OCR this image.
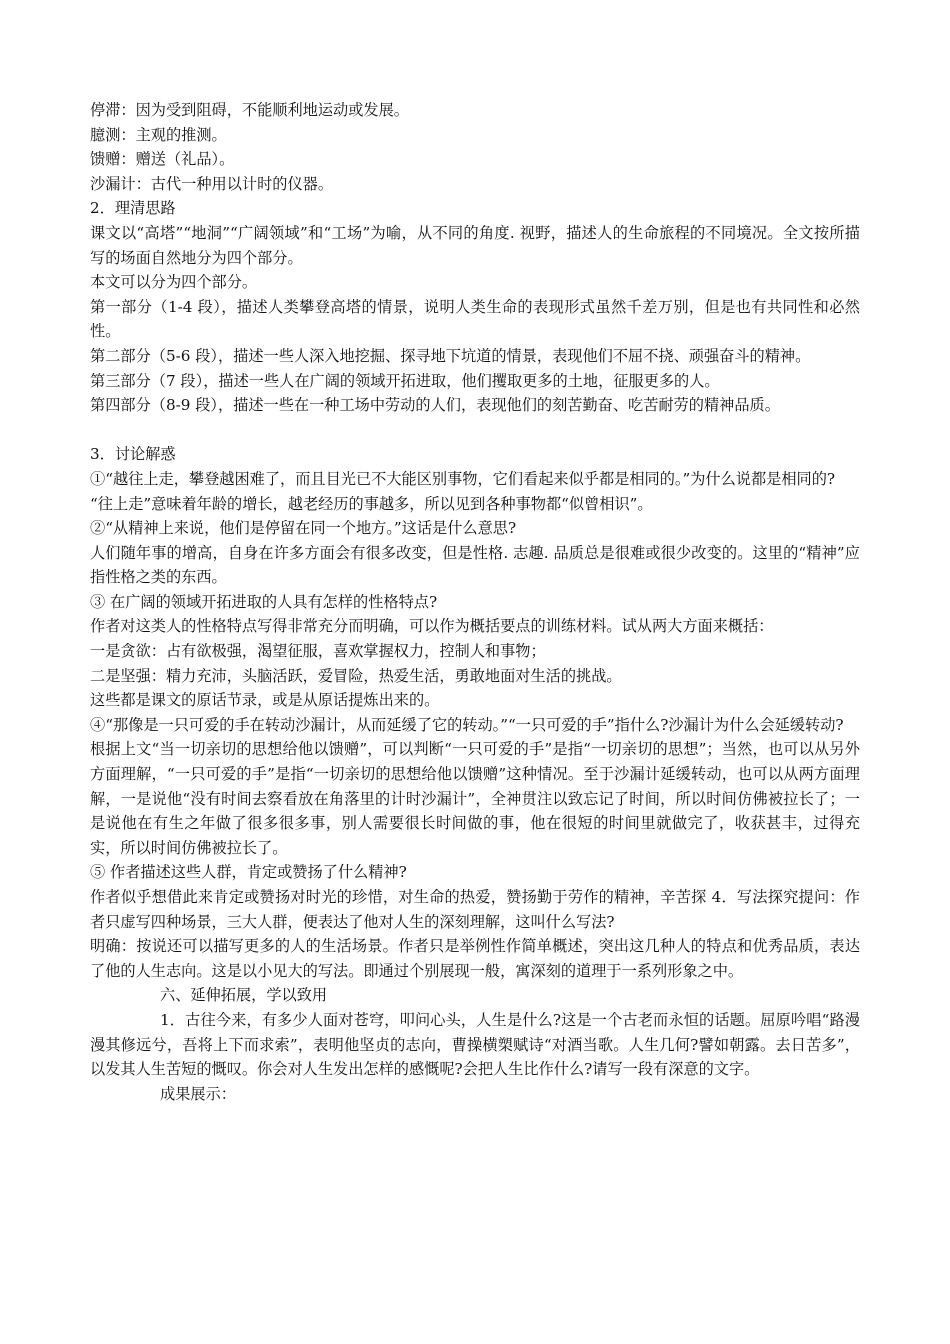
停滞：因为受到阻碍，不能顺利地运动或发展。

臆测：主观的推测。

馈赠：赠送（礼品）。

沙漏计：古代一种用以计时的仪器。

2．理清思路

课文以“高塔”“地洞”“广阔领域”和“工场”为喻，从不同的角度. 视野，描述人的生命旅程的不同境况。全文按所描写的场面自然地分为四个部分。

本文可以分为四个部分。

第一部分（1-4 段），描述人类攀登高塔的情景，说明人类生命的表现形式虽然千差万别，但是也有共同性和必然性。

第二部分（5-6 段），描述一些人深入地挖掘、探寻地下坑道的情景，表现他们不屈不挠、顽强奋斗的精神。

第三部分（7 段），描述一些人在广阔的领域开拓进取，他们攫取更多的土地，征服更多的人。

第四部分（8-9 段），描述一些在一种工场中劳动的人们，表现他们的刻苦勤奋、吃苦耐劳的精神品质。

3．讨论解惑

①“越往上走，攀登越困难了，而且目光已不大能区别事物，它们看起来似乎都是相同的。”为什么说都是相同的?

“往上走”意味着年龄的增长，越老经历的事越多，所以见到各种事物都“似曾相识”。

②“从精神上来说，他们是停留在同一个地方。”这话是什么意思?

人们随年事的增高，自身在许多方面会有很多改变，但是性格. 志趣. 品质总是很难或很少改变的。这里的“精神”应指性格之类的东西。

③ 在广阔的领域开拓进取的人具有怎样的性格特点?

作者对这类人的性格特点写得非常充分而明确，可以作为概括要点的训练材料。试从两大方面来概括：

一是贪欲：占有欲极强，渴望征服，喜欢掌握权力，控制人和事物；

二是坚强：精力充沛，头脑活跃，爱冒险，热爱生活，勇敢地面对生活的挑战。

这些都是课文的原话节录，或是从原话提炼出来的。

④“那像是一只可爱的手在转动沙漏计，从而延缓了它的转动。”“一只可爱的手”指什么?沙漏计为什么会延缓转动?

根据上文“当一切亲切的思想给他以馈赠”，可以判断“一只可爱的手”是指“一切亲切的思想”；当然，也可以从另外方面理解，“一只可爱的手”是指“一切亲切的思想给他以馈赠”这种情况。至于沙漏计延缓转动，也可以从两方面理解，一是说他“没有时间去察看放在角落里的计时沙漏计”，全神贯注以致忘记了时间，所以时间仿佛被拉长了；一是说他在有生之年做了很多很多事，别人需要很长时间做的事，他在很短的时间里就做完了，收获甚丰，过得充实，所以时间仿佛被拉长了。

⑤ 作者描述这些人群，肯定或赞扬了什么精神?

作者似乎想借此来肯定或赞扬对时光的珍惜，对生命的热爱，赞扬勤于劳作的精神，辛苦探 4．写法探究提问：作者只虚写四种场景，三大人群，便表达了他对人生的深刻理解，这叫什么写法?

明确：按说还可以描写更多的人的生活场景。作者只是举例性作简单概述，突出这几种人的特点和优秀品质，表达了他的人生志向。这是以小见大的写法。即通过个别展现一般，寓深刻的道理于一系列形象之中。

六、延伸拓展，学以致用

1．古往今来，有多少人面对苍穹，叩问心头，人生是什么?这是一个古老而永恒的话题。屈原吟唱“路漫漫其修远兮，吾将上下而求索”，表明他坚贞的志向，曹操横槊赋诗“对酒当歌。人生几何?譬如朝露。去日苦多”，以发其人生苦短的慨叹。你会对人生发出怎样的感慨呢?会把人生比作什么?请写一段有深意的文字。

成果展示：
